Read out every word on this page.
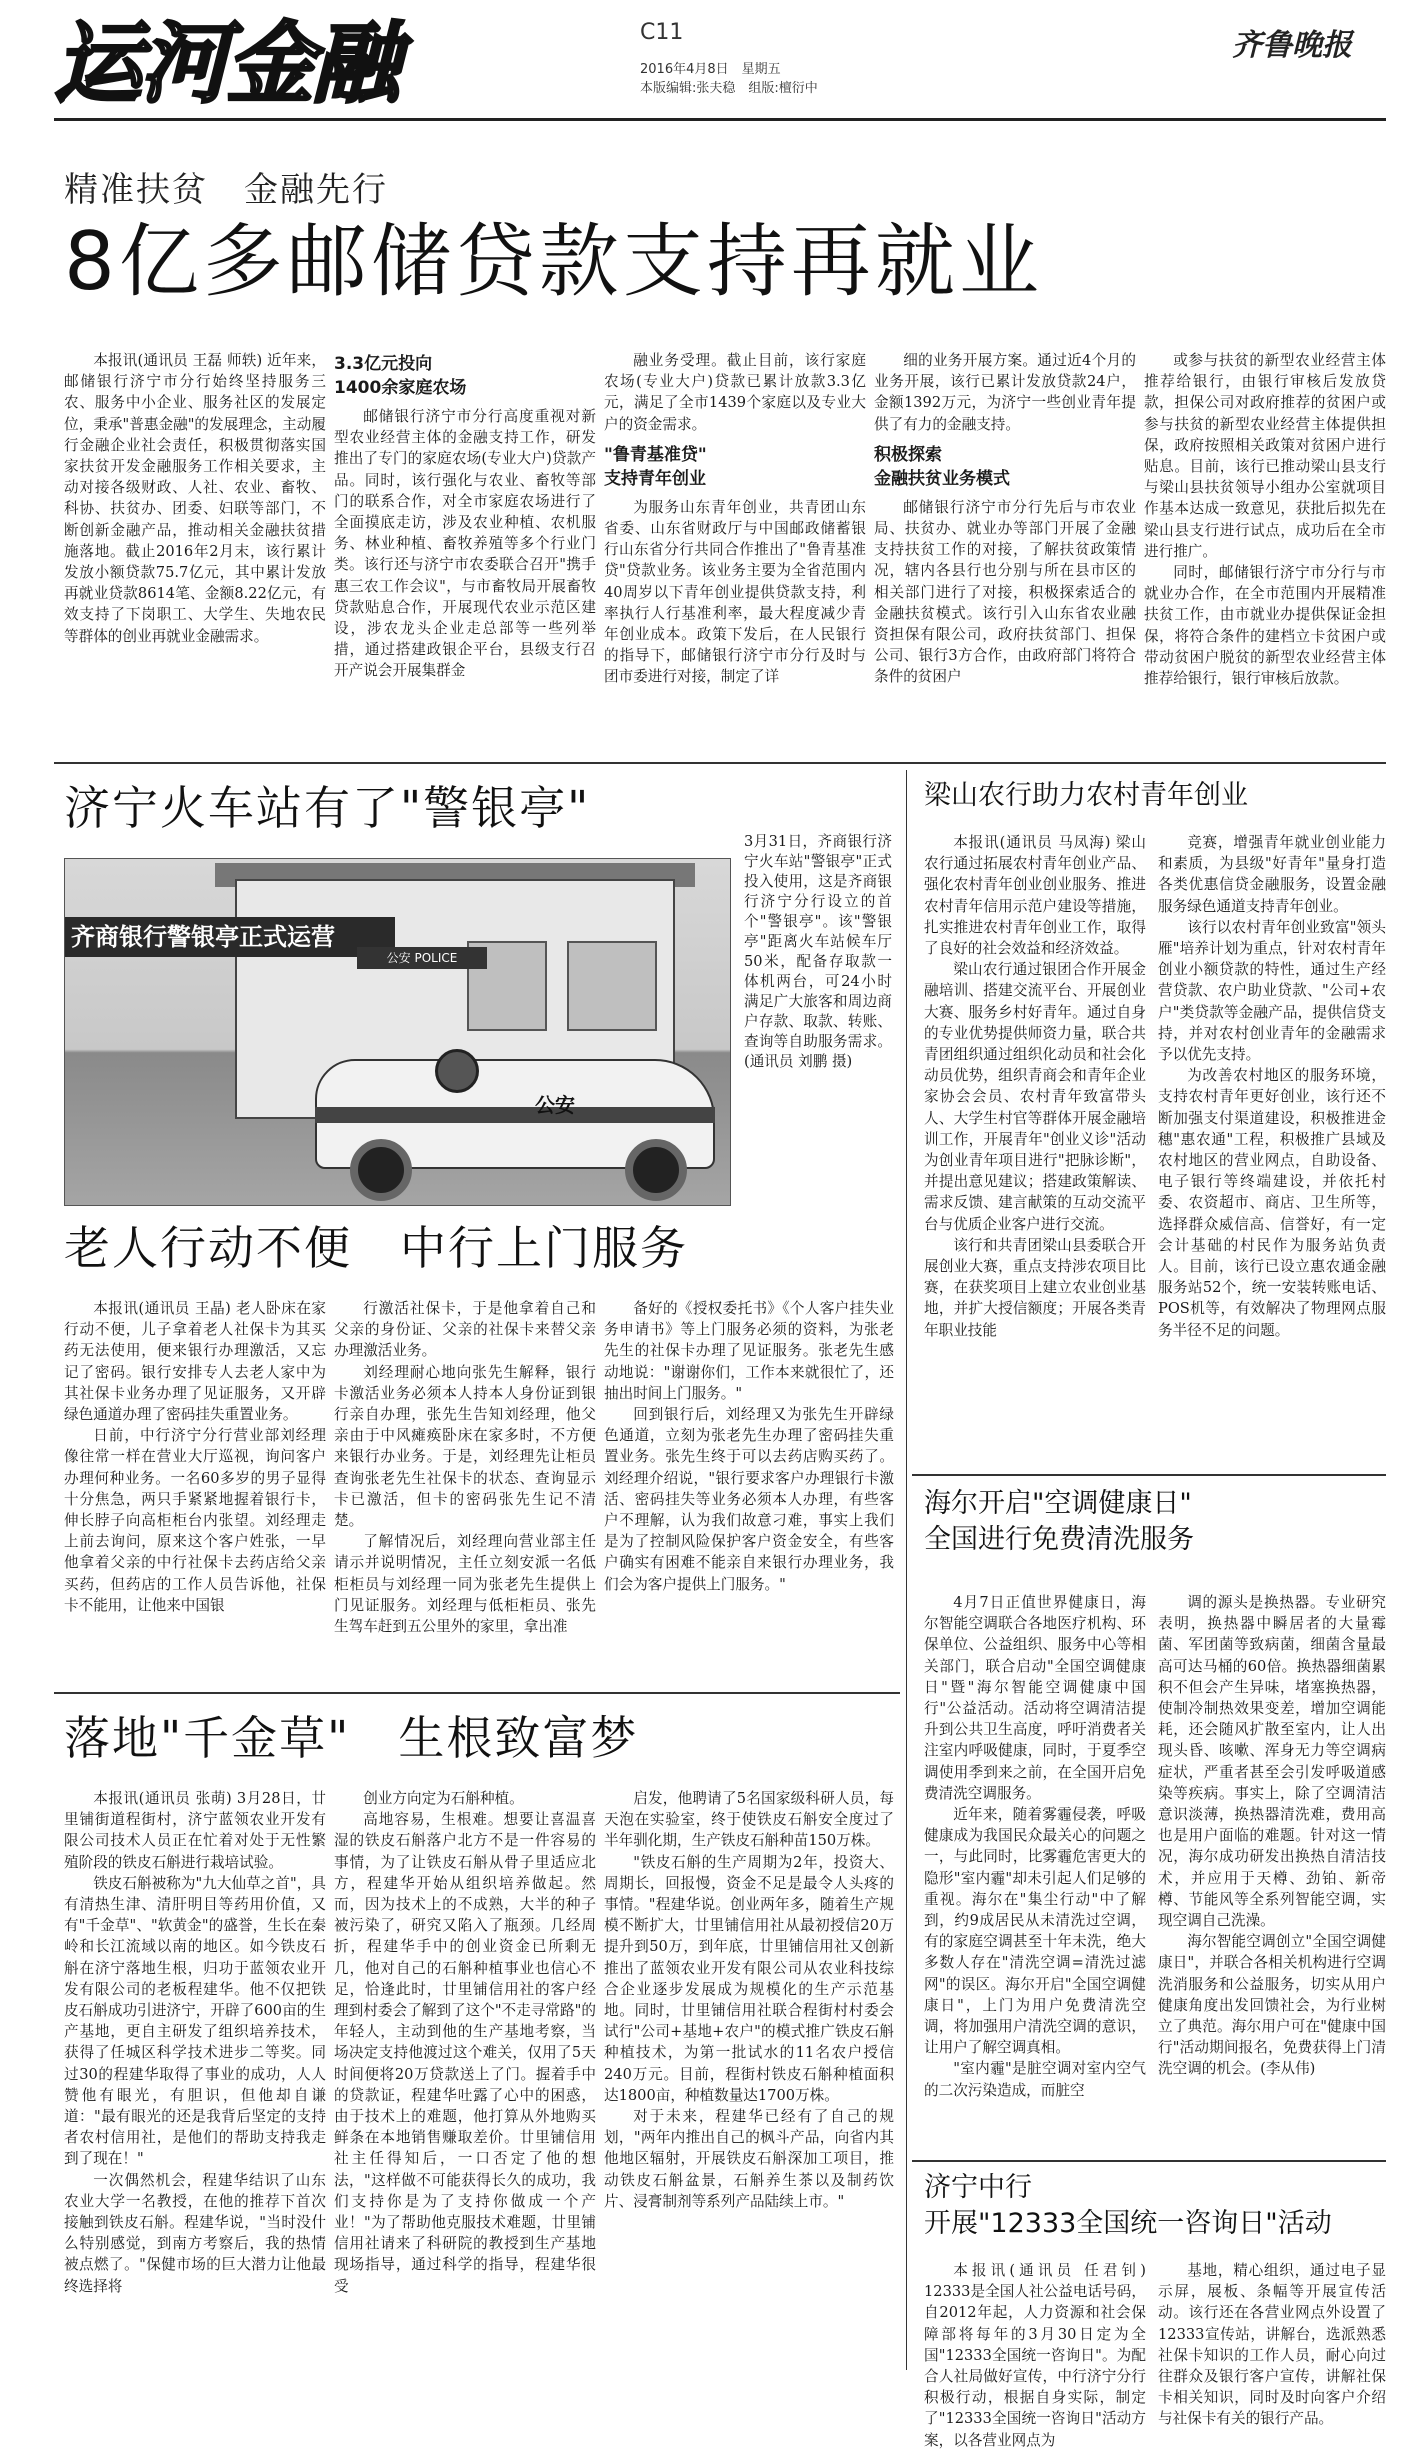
运河金融	C11
2016年4月8日　星期五
本版编辑:张夫稳　组版:檀衍中
齐鲁晚报
精准扶贫　金融先行
8亿多邮储贷款支持再就业

本报讯(通讯员 王磊 师轶) 近年来，邮储银行济宁市分行始终坚持服务三农、服务中小企业、服务社区的发展定位，秉承"普惠金融"的发展理念，主动履行金融企业社会责任，积极贯彻落实国家扶贫开发金融服务工作相关要求，主动对接各级财政、人社、农业、畜牧、科协、扶贫办、团委、妇联等部门，不断创新金融产品，推动相关金融扶贫措施落地。截止2016年2月末，该行累计发放小额贷款75.7亿元，其中累计发放再就业贷款8614笔、金额8.22亿元，有效支持了下岗职工、大学生、失地农民等群体的创业再就业金融需求。

3.3亿元投向
1400余家庭农场

邮储银行济宁市分行高度重视对新型农业经营主体的金融支持工作，研发推出了专门的家庭农场(专业大户)贷款产品。同时，该行强化与农业、畜牧等部门的联系合作，对全市家庭农场进行了全面摸底走访，涉及农业种植、农机服务、林业种植、畜牧养殖等多个行业门类。该行还与济宁市农委联合召开"携手惠三农工作会议"，与市畜牧局开展畜牧贷款贴息合作，开展现代农业示范区建设，涉农龙头企业走总部等一些列举措，通过搭建政银企平台，县级支行召开产说会开展集群金

融业务受理。截止目前，该行家庭农场(专业大户)贷款已累计放款3.3亿元，满足了全市1439个家庭以及专业大户的资金需求。

"鲁青基准贷"
支持青年创业

为服务山东青年创业，共青团山东省委、山东省财政厅与中国邮政储蓄银行山东省分行共同合作推出了"鲁青基准贷"贷款业务。该业务主要为全省范围内40周岁以下青年创业提供贷款支持，利率执行人行基准利率，最大程度减少青年创业成本。政策下发后，在人民银行的指导下，邮储银行济宁市分行及时与团市委进行对接，制定了详

细的业务开展方案。通过近4个月的业务开展，该行已累计发放贷款24户，金额1392万元，为济宁一些创业青年提供了有力的金融支持。

积极探索
金融扶贫业务模式

邮储银行济宁市分行先后与市农业局、扶贫办、就业办等部门开展了金融支持扶贫工作的对接，了解扶贫政策情况，辖内各县行也分别与所在县市区的相关部门进行了对接，积极探索适合的金融扶贫模式。该行引入山东省农业融资担保有限公司，政府扶贫部门、担保公司、银行3方合作，由政府部门将符合条件的贫困户

或参与扶贫的新型农业经营主体推荐给银行，由银行审核后发放贷款，担保公司对政府推荐的贫困户或参与扶贫的新型农业经营主体提供担保，政府按照相关政策对贫困户进行贴息。目前，该行已推动梁山县支行与梁山县扶贫领导小组办公室就项目作基本达成一致意见，获批后拟先在梁山县支行进行试点，成功后在全市进行推广。

同时，邮储银行济宁市分行与市就业办合作，在全市范围内开展精准扶贫工作，由市就业办提供保证金担保，将符合条件的建档立卡贫困户或带动贫困户脱贫的新型农业经营主体推荐给银行，银行审核后放款。

济宁火车站有了"警银亭"
齐商银行警银亭正式运营
公安 POLICE
公安

3月31日，齐商银行济宁火车站"警银亭"正式投入使用，这是齐商银行济宁分行设立的首个"警银亭"。该"警银亭"距离火车站候车厅50米，配备存取款一体机两台，可24小时满足广大旅客和周边商户存款、取款、转账、查询等自助服务需求。(通讯员 刘鹏 摄)

梁山农行助力农村青年创业

本报讯(通讯员 马凤海) 梁山农行通过拓展农村青年创业产品、强化农村青年创业创业服务、推进农村青年信用示范户建设等措施，扎实推进农村青年创业工作，取得了良好的社会效益和经济效益。

梁山农行通过银团合作开展金融培训、搭建交流平台、开展创业大赛、服务乡村好青年。通过自身的专业优势提供师资力量，联合共青团组织通过组织化动员和社会化动员优势，组织青商会和青年企业家协会会员、农村青年致富带头人、大学生村官等群体开展金融培训工作，开展青年"创业义诊"活动为创业青年项目进行"把脉诊断"，并提出意见建议；搭建政策解读、需求反馈、建言献策的互动交流平台与优质企业客户进行交流。

该行和共青团梁山县委联合开展创业大赛，重点支持涉农项目比赛，在获奖项目上建立农业创业基地，并扩大授信额度；开展各类青年职业技能

竞赛，增强青年就业创业能力和素质，为县级"好青年"量身打造各类优惠信贷金融服务，设置金融服务绿色通道支持青年创业。

该行以农村青年创业致富"领头雁"培养计划为重点，针对农村青年创业小额贷款的特性，通过生产经营贷款、农户助业贷款、"公司+农户"类贷款等金融产品，提供信贷支持，并对农村创业青年的金融需求予以优先支持。

为改善农村地区的服务环境，支持农村青年更好创业，该行还不断加强支付渠道建设，积极推进金穗"惠农通"工程，积极推广县域及农村地区的营业网点，自助设备、电子银行等终端建设，并依托村委、农资超市、商店、卫生所等，选择群众威信高、信誉好，有一定会计基础的村民作为服务站负责人。目前，该行已设立惠农通金融服务站52个，统一安装转账电话、POS机等，有效解决了物理网点服务半径不足的问题。

老人行动不便　中行上门服务

本报讯(通讯员 王晶) 老人卧床在家行动不便，儿子拿着老人社保卡为其买药无法使用，便来银行办理激活，又忘记了密码。银行安排专人去老人家中为其社保卡业务办理了见证服务，又开辟绿色通道办理了密码挂失重置业务。

日前，中行济宁分行营业部刘经理像往常一样在营业大厅巡视，询问客户办理何种业务。一名60多岁的男子显得十分焦急，两只手紧紧地握着银行卡，伸长脖子向高柜柜台内张望。刘经理走上前去询问，原来这个客户姓张，一早他拿着父亲的中行社保卡去药店给父亲买药，但药店的工作人员告诉他，社保卡不能用，让他来中国银

行激活社保卡，于是他拿着自己和父亲的身份证、父亲的社保卡来替父亲办理激活业务。

刘经理耐心地向张先生解释，银行卡激活业务必须本人持本人身份证到银行亲自办理，张先生告知刘经理，他父亲由于中风瘫痪卧床在家多时，不方便来银行办业务。于是，刘经理先让柜员查询张老先生社保卡的状态、查询显示卡已激活，但卡的密码张先生记不清楚。

了解情况后，刘经理向营业部主任请示并说明情况，主任立刻安派一名低柜柜员与刘经理一同为张老先生提供上门见证服务。刘经理与低柜柜员、张先生驾车赶到五公里外的家里，拿出准

备好的《授权委托书》《个人客户挂失业务申请书》等上门服务必须的资料，为张老先生的社保卡办理了见证服务。张老先生感动地说："谢谢你们，工作本来就很忙了，还抽出时间上门服务。"

回到银行后，刘经理又为张先生开辟绿色通道，立刻为张老先生办理了密码挂失重置业务。张先生终于可以去药店购买药了。刘经理介绍说，"银行要求客户办理银行卡激活、密码挂失等业务必须本人办理，有些客户不理解，认为我们故意刁难，事实上我们是为了控制风险保护客户资金安全，有些客户确实有困难不能亲自来银行办理业务，我们会为客户提供上门服务。"

海尔开启"空调健康日"
全国进行免费清洗服务

4月7日正值世界健康日，海尔智能空调联合各地医疗机构、环保单位、公益组织、服务中心等相关部门，联合启动"全国空调健康日"暨"海尔智能空调健康中国行"公益活动。活动将空调清洁提升到公共卫生高度，呼吁消费者关注室内呼吸健康，同时，于夏季空调使用季到来之前，在全国开启免费清洗空调服务。

近年来，随着雾霾侵袭，呼吸健康成为我国民众最关心的问题之一，与此同时，比雾霾危害更大的隐形"室内霾"却未引起人们足够的重视。海尔在"集尘行动"中了解到，约9成居民从未清洗过空调，有的家庭空调甚至十年未洗，绝大多数人存在"清洗空调=清洗过滤网"的误区。海尔开启"全国空调健康日"，上门为用户免费清洗空调，将加强用户清洗空调的意识，让用户了解空调真相。

"室内霾"是脏空调对室内空气的二次污染造成，而脏空

调的源头是换热器。专业研究表明，换热器中瞬居者的大量霉菌、军团菌等致病菌，细菌含量最高可达马桶的60倍。换热器细菌累积不但会产生异味，堵塞换热器，使制冷制热效果变差，增加空调能耗，还会随风扩散至室内，让人出现头昏、咳嗽、浑身无力等空调病症状，严重者甚至会引发呼吸道感染等疾病。事实上，除了空调清洁意识淡薄，换热器清洗难，费用高也是用户面临的难题。针对这一情况，海尔成功研发出换热自清洁技术，并应用于天樽、劲铂、新帝樽、节能风等全系列智能空调，实现空调自己洗澡。

海尔智能空调创立"全国空调健康日"，并联合各相关机构进行空调洗消服务和公益服务，切实从用户健康角度出发回馈社会，为行业树立了典范。海尔用户可在"健康中国行"活动期间报名，免费获得上门清洗空调的机会。(李从伟)

济宁中行
开展"12333全国统一咨询日"活动

本报讯(通讯员 任君钊) 12333是全国人社公益电话号码，自2012年起，人力资源和社会保障部将每年的3月30日定为全国"12333全国统一咨询日"。为配合人社局做好宣传，中行济宁分行积极行动，根据自身实际，制定了"12333全国统一咨询日"活动方案，以各营业网点为

基地，精心组织，通过电子显示屏，展板、条幅等开展宣传活动。该行还在各营业网点外设置了12333宣传站，讲解台，选派熟悉社保卡知识的工作人员，耐心向过往群众及银行客户宣传，讲解社保卡相关知识，同时及时向客户介绍与社保卡有关的银行产品。

落地"千金草"　生根致富梦

本报讯(通讯员 张萌) 3月28日，廿里铺街道程街村，济宁蓝领农业开发有限公司技术人员正在忙着对处于无性繁殖阶段的铁皮石斛进行栽培试验。

铁皮石斛被称为"九大仙草之首"，具有清热生津、清肝明目等药用价值，又有"千金草"、"软黄金"的盛誉，生长在秦岭和长江流域以南的地区。如今铁皮石斛在济宁落地生根，归功于蓝领农业开发有限公司的老板程建华。他不仅把铁皮石斛成功引进济宁，开辟了600亩的生产基地，更自主研发了组织培养技术，获得了任城区科学技术进步二等奖。同过30的程建华取得了事业的成功，人人赞他有眼光，有胆识，但他却自谦道："最有眼光的还是我背后坚定的支持者农村信用社，是他们的帮助支持我走到了现在！"

一次偶然机会，程建华结识了山东农业大学一名教授，在他的推荐下首次接触到铁皮石斛。程建华说，"当时没什么特别感觉，到南方考察后，我的热情被点燃了。"保健市场的巨大潜力让他最终选择将

创业方向定为石斛种植。

高地容易，生根难。想要让喜温喜湿的铁皮石斛落户北方不是一件容易的事情，为了让铁皮石斛从骨子里适应北方，程建华开始从组织培养做起。然而，因为技术上的不成熟，大半的种子被污染了，研究又陷入了瓶颈。几经周折，程建华手中的创业资金已所剩无几，他对自己的石斛种植事业也信心不足，恰逢此时，廿里铺信用社的客户经理到村委会了解到了这个"不走寻常路"的年轻人，主动到他的生产基地考察，当场决定支持他渡过这个难关，仅用了5天时间便将20万贷款送上了门。握着手中的贷款证，程建华吐露了心中的困惑，由于技术上的难题，他打算从外地购买鲜条在本地销售赚取差价。廿里铺信用社主任得知后，一口否定了他的想法，"这样做不可能获得长久的成功，我们支持你是为了支持你做成一个产业！"为了帮助他克服技术难题，廿里铺信用社请来了科研院的教授到生产基地现场指导，通过科学的指导，程建华很受

启发，他聘请了5名国家级科研人员，每天泡在实验室，终于使铁皮石斛安全度过了半年驯化期，生产铁皮石斛种苗150万株。

"铁皮石斛的生产周期为2年，投资大、周期长，回报慢，资金不足是最令人头疼的事情。"程建华说。创业两年多，随着生产规模不断扩大，廿里铺信用社从最初授信20万提升到50万，到年底，廿里铺信用社又创新推出了蓝领农业开发有限公司从农业科技综合企业逐步发展成为规模化的生产示范基地。同时，廿里铺信用社联合程街村村委会试行"公司+基地+农户"的模式推广铁皮石斛种植技术，为第一批试水的11名农户授信240万元。目前，程街村铁皮石斛种植面积达1800亩，种植数量达1700万株。

对于未来，程建华已经有了自己的规划，"两年内推出自己的枫斗产品，向省内其他地区辐射，开展铁皮石斛深加工项目，推动铁皮石斛盆景，石斛养生茶以及制药饮片、浸膏制剂等系列产品陆续上市。"
